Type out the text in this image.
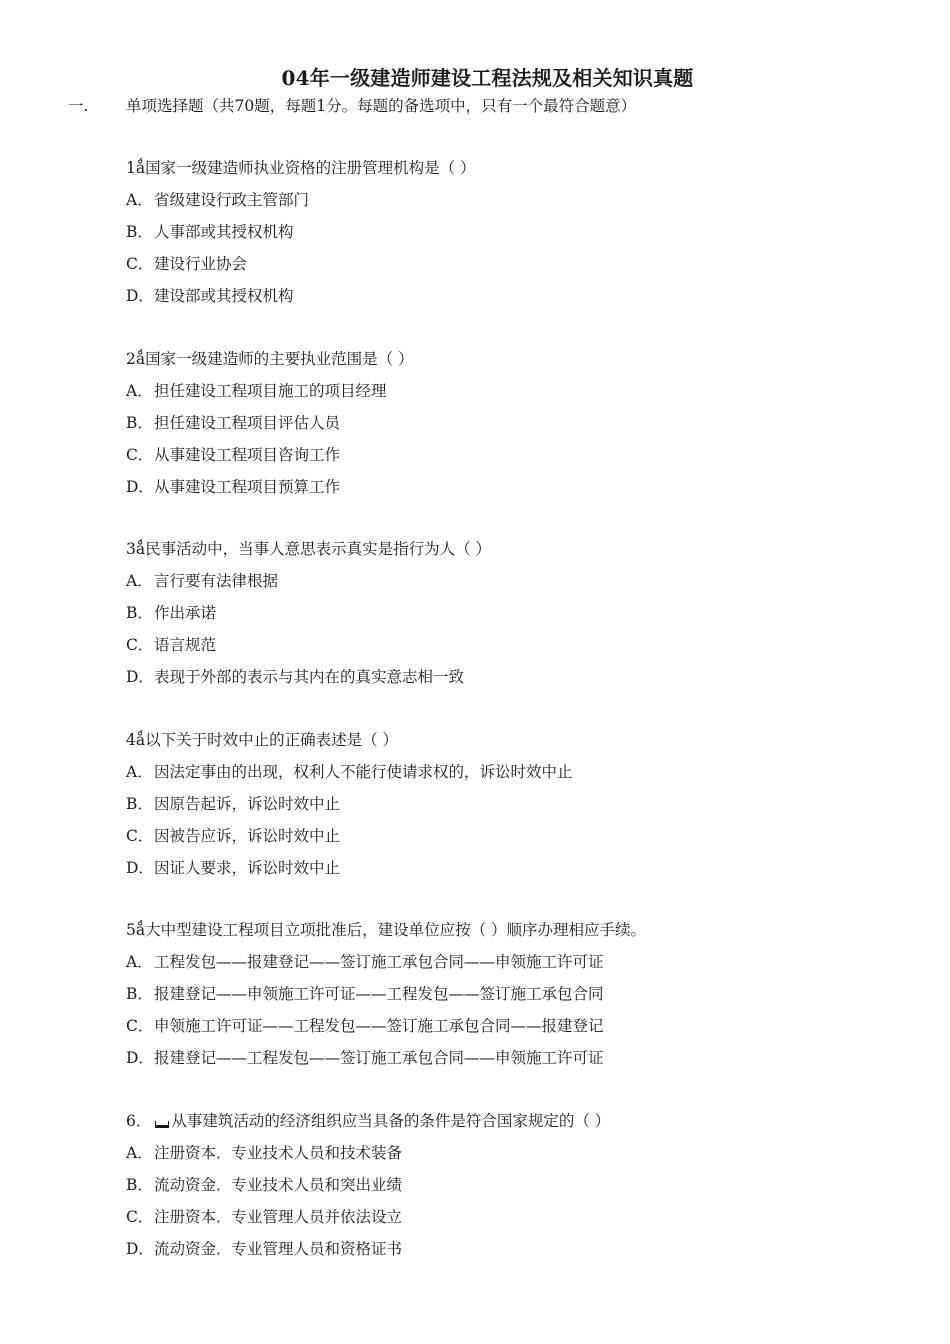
04年一级建造师建设工程法规及相关知识真题
一. 单项选择题（共70题，每题1分。每题的备选项中，只有一个最符合题意）

1ǻ国家一级建造师执业资格的注册管理机构是（ ）

A．省级建设行政主管部门

B．人事部或其授权机构

C．建设行业协会

D．建设部或其授权机构

2ǻ国家一级建造师的主要执业范围是（ ）

A．担任建设工程项目施工的项目经理

B．担任建设工程项目评估人员

C．从事建设工程项目咨询工作

D．从事建设工程项目预算工作

3ǻ民事活动中，当事人意思表示真实是指行为人（ ）

A．言行要有法律根据

B．作出承诺

C．语言规范

D．表现于外部的表示与其内在的真实意志相一致

4ǻ以下关于时效中止的正确表述是（ ）

A．因法定事由的出现，权利人不能行使请求权的，诉讼时效中止

B．因原告起诉，诉讼时效中止

C．因被告应诉，诉讼时效中止

D．因证人要求，诉讼时效中止

5ǻ大中型建设工程项目立项批准后，建设单位应按（ ）顺序办理相应手续。

A．工程发包——报建登记——签订施工承包合同——申领施工许可证

B．报建登记——申领施工许可证——工程发包——签订施工承包合同

C．申领施工许可证——工程发包——签订施工承包合同——报建登记

D．报建登记——工程发包——签订施工承包合同——申领施工许可证

6． 从事建筑活动的经济组织应当具备的条件是符合国家规定的（ ）

A．注册资本．专业技术人员和技术装备

B．流动资金．专业技术人员和突出业绩

C．注册资本．专业管理人员并依法设立

D．流动资金．专业管理人员和资格证书
